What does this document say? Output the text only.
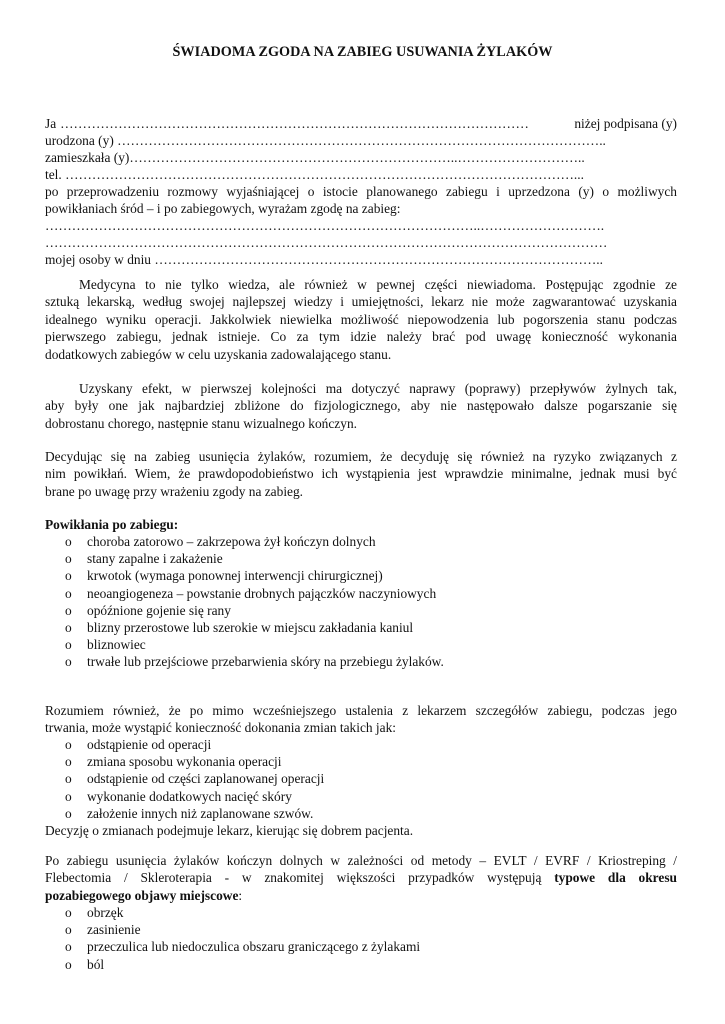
ŚWIADOMA ZGODA NA ZABIEG USUWANIA ŻYLAKÓW
Ja ……………………………………………………………………………………………	niżej podpisana (y)
urodzona (y) ………………………………………………………………………………………………..
zamieszkała (y)………………………………………………………………..………………………..
tel. ……………………………………………………………………………………………………...
po przeprowadzeniu rozmowy wyjaśniającej o istocie planowanego zabiegu i uprzedzona (y) o możliwych
powikłaniach śród – i po zabiegowych, wyrażam zgodę na zabieg:
……………………………………………………………………………………..……………………….
………………………………………………………………………………………………………………
mojej osoby w dniu ………………………………………………………………………………………..
Medycyna to nie tylko wiedza, ale również w pewnej części niewiadoma. Postępując zgodnie ze
sztuką lekarską, według swojej najlepszej wiedzy i umiejętności, lekarz nie może zagwarantować uzyskania
idealnego wyniku operacji. Jakkolwiek niewielka możliwość niepowodzenia lub pogorszenia stanu podczas
pierwszego zabiegu, jednak istnieje. Co za tym idzie należy brać pod uwagę konieczność wykonania
dodatkowych zabiegów w celu uzyskania zadowalającego stanu.
Uzyskany efekt, w pierwszej kolejności ma dotyczyć naprawy (poprawy) przepływów żylnych tak,
aby były one jak najbardziej zbliżone do fizjologicznego, aby nie następowało dalsze pogarszanie się
dobrostanu chorego, następnie stanu wizualnego kończyn.
Decydując się na zabieg usunięcia żylaków, rozumiem, że decyduję się również na ryzyko związanych z
nim powikłań. Wiem, że prawdopodobieństwo ich wystąpienia jest wprawdzie minimalne, jednak musi być
brane po uwagę przy wrażeniu zgody na zabieg.
Powikłania po zabiegu:
o choroba zatorowo – zakrzepowa żył kończyn dolnych
o stany zapalne i zakażenie
o krwotok (wymaga ponownej interwencji chirurgicznej)
o neoangiogeneza – powstanie drobnych pajączków naczyniowych
o opóźnione gojenie się rany
o blizny przerostowe lub szerokie w miejscu zakładania kaniul
o bliznowiec
o trwałe lub przejściowe przebarwienia skóry na przebiegu żylaków.
Rozumiem również, że po mimo wcześniejszego ustalenia z lekarzem szczegółów zabiegu, podczas jego
trwania, może wystąpić konieczność dokonania zmian takich jak:
o odstąpienie od operacji
o zmiana sposobu wykonania operacji
o odstąpienie od części zaplanowanej operacji
o wykonanie dodatkowych nacięć skóry
o założenie innych niż zaplanowane szwów.
Decyzję o zmianach podejmuje lekarz, kierując się dobrem pacjenta.
Po zabiegu usunięcia żylaków kończyn dolnych w zależności od metody – EVLT / EVRF / Kriostreping /
Flebectomia / Skleroterapia - w znakomitej większości przypadków występują typowe dla okresu
pozabiegowego objawy miejscowe:
o obrzęk
o zasinienie
o przeczulica lub niedoczulica obszaru graniczącego z żylakami
o ból
